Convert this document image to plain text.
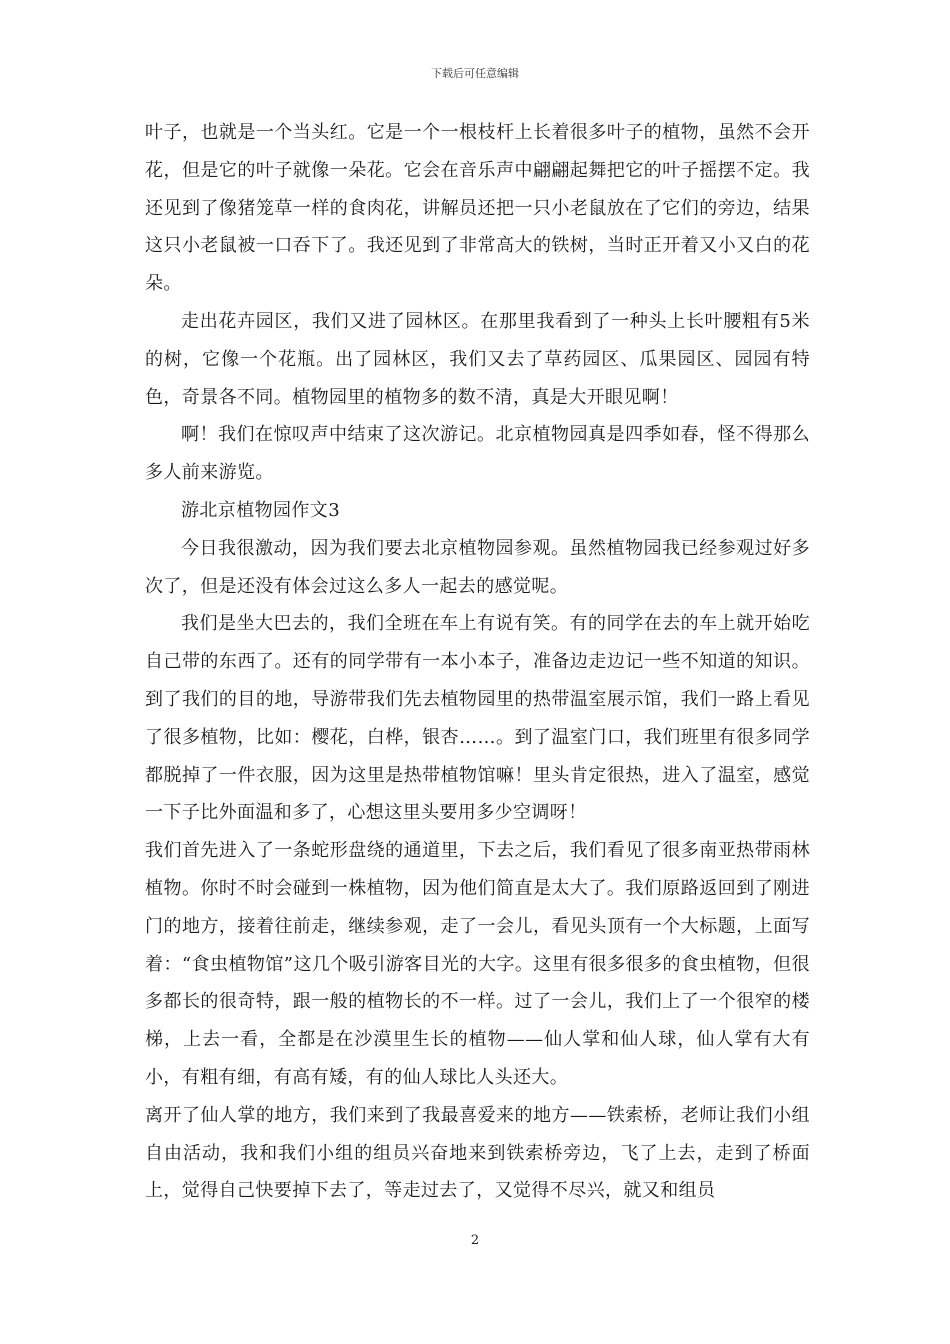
下载后可任意编辑

叶子，也就是一个当头红。它是一个一根枝杆上长着很多叶子的植物，虽然不会开花，但是它的叶子就像一朵花。它会在音乐声中翩翩起舞把它的叶子摇摆不定。我还见到了像猪笼草一样的食肉花，讲解员还把一只小老鼠放在了它们的旁边，结果这只小老鼠被一口吞下了。我还见到了非常高大的铁树，当时正开着又小又白的花朵。

走出花卉园区，我们又进了园林区。在那里我看到了一种头上长叶腰粗有5米的树，它像一个花瓶。出了园林区，我们又去了草药园区、瓜果园区、园园有特色，奇景各不同。植物园里的植物多的数不清，真是大开眼见啊！

啊！我们在惊叹声中结束了这次游记。北京植物园真是四季如春，怪不得那么多人前来游览。

游北京植物园作文3

今日我很激动，因为我们要去北京植物园参观。虽然植物园我已经参观过好多次了，但是还没有体会过这么多人一起去的感觉呢。

我们是坐大巴去的，我们全班在车上有说有笑。有的同学在去的车上就开始吃自己带的东西了。还有的同学带有一本小本子，准备边走边记一些不知道的知识。到了我们的目的地，导游带我们先去植物园里的热带温室展示馆，我们一路上看见了很多植物，比如：樱花，白桦，银杏……。到了温室门口，我们班里有很多同学都脱掉了一件衣服，因为这里是热带植物馆嘛！里头肯定很热，进入了温室，感觉一下子比外面温和多了，心想这里头要用多少空调呀！

我们首先进入了一条蛇形盘绕的通道里，下去之后，我们看见了很多南亚热带雨林植物。你时不时会碰到一株植物，因为他们简直是太大了。我们原路返回到了刚进门的地方，接着往前走，继续参观，走了一会儿，看见头顶有一个大标题，上面写着：“食虫植物馆”这几个吸引游客目光的大字。这里有很多很多的食虫植物，但很多都长的很奇特，跟一般的植物长的不一样。过了一会儿，我们上了一个很窄的楼梯，上去一看，全都是在沙漠里生长的植物——仙人掌和仙人球，仙人掌有大有小，有粗有细，有高有矮，有的仙人球比人头还大。

离开了仙人掌的地方，我们来到了我最喜爱来的地方——铁索桥，老师让我们小组自由活动，我和我们小组的组员兴奋地来到铁索桥旁边，飞了上去，走到了桥面上，觉得自己快要掉下去了，等走过去了，又觉得不尽兴，就又和组员

2
